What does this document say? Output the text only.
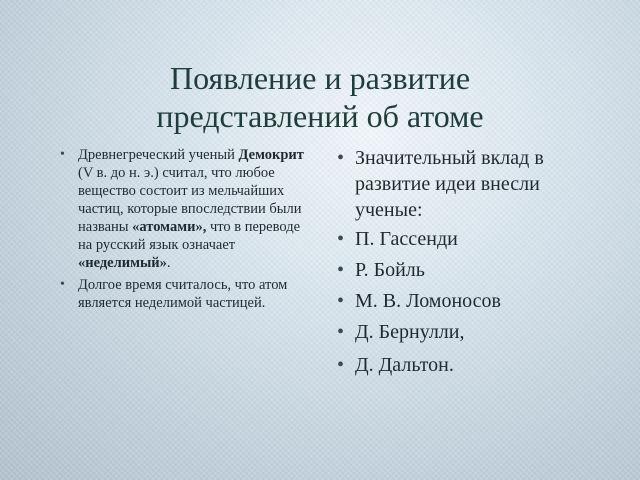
Появление и развитие
представлений об атоме
• Древнегреческий ученый Демокрит (V в. до н. э.) считал, что любое вещество состоит из мельчайших частиц, которые впоследствии были названы «атомами», что в переводе на русский язык означает «неделимый».
• Долгое время считалось, что атом является неделимой частицей.
• Значительный вклад в развитие идеи внесли ученые:
• П. Гассенди
• Р. Бойль
• М. В. Ломоносов
• Д. Бернулли,
• Д. Дальтон.
